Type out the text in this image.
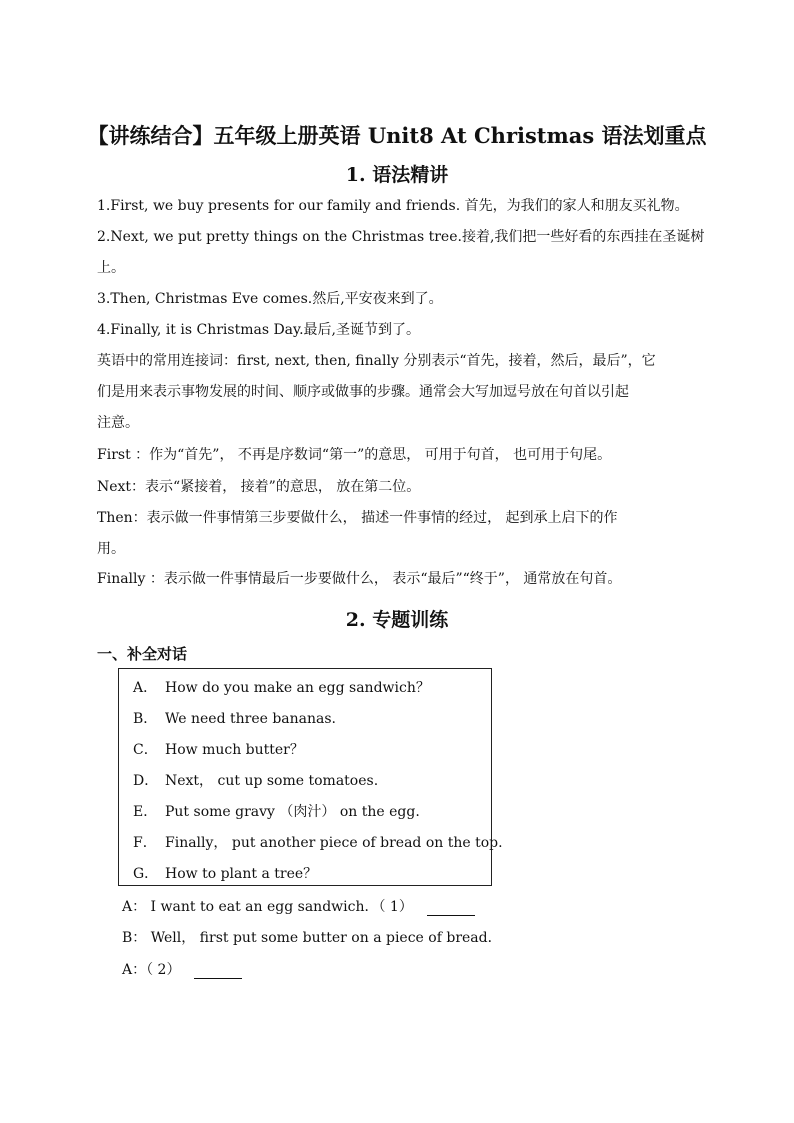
【讲练结合】五年级上册英语 Unit8 At Christmas 语法划重点
1. 语法精讲
1.First, we buy presents for our family and friends. 首先，为我们的家人和朋友买礼物。
2.Next, we put pretty things on the Christmas tree.接着,我们把一些好看的东西挂在圣诞树
上。
3.Then, Christmas Eve comes.然后,平安夜来到了。
4.Finally, it is Christmas Day.最后,圣诞节到了。
英语中的常用连接词：first, next, then, finally 分别表示“首先，接着，然后，最后”，它
们是用来表示事物发展的时间、顺序或做事的步骤。通常会大写加逗号放在句首以引起
注意。
First ：作为“首先”， 不再是序数词“第一”的意思， 可用于句首， 也可用于句尾。
Next：表示“紧接着， 接着”的意思， 放在第二位。
Then：表示做一件事情第三步要做什么， 描述一件事情的经过， 起到承上启下的作
用。
Finally ：表示做一件事情最后一步要做什么， 表示“最后”“终于”， 通常放在句首。
2. 专题训练
一、补全对话
A． How do you make an egg sandwich？
B． We need three bananas.
C． How much butter？
D． Next， cut up some tomatoes.
E． Put some gravy （肉汁） on the egg.
F． Finally， put another piece of bread on the top.
G． How to plant a tree？
A： I want to eat an egg sandwich．（ 1）
B： Well， first put some butter on a piece of bread．
A：（ 2）
